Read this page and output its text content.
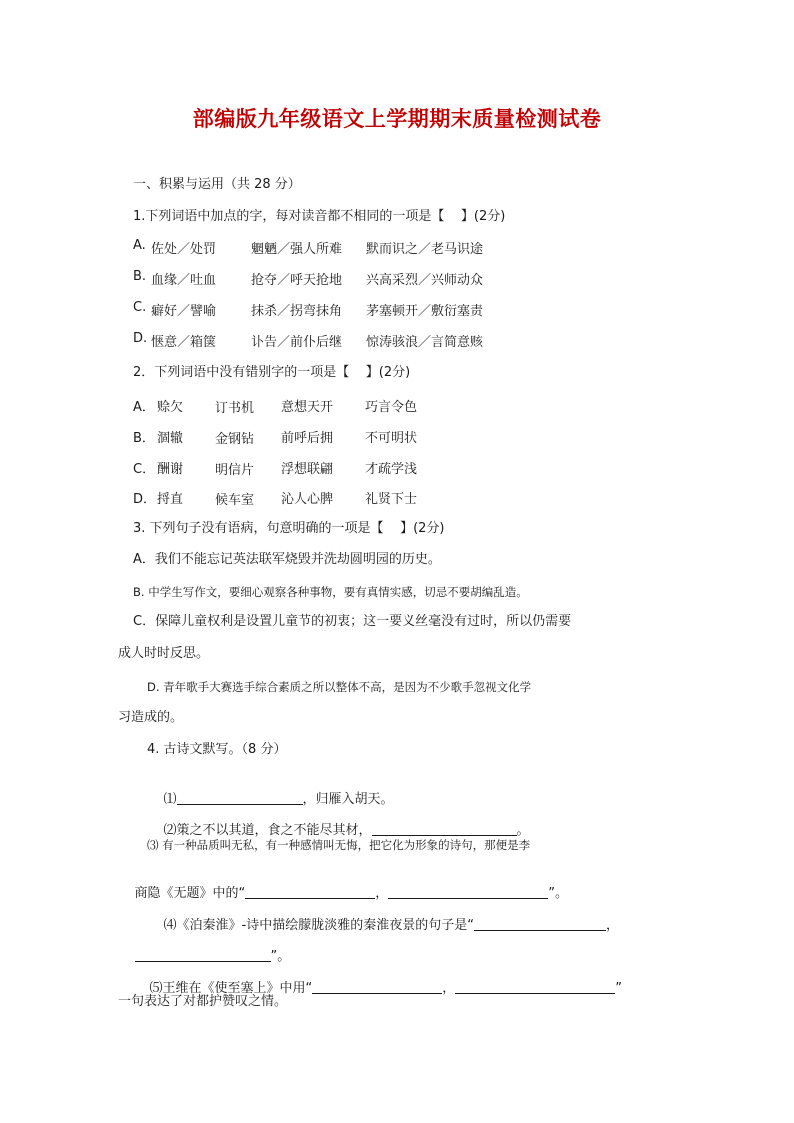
部编版九年级语文上学期期末质量检测试卷
一、积累与运用（共 28 分）
1.下列词语中加点的字，每对读音都不相同的一项是【    】(2分)
A. 佐处／处罚	魍魉／强人所难 默而识之／老马识途
B. 血缘／吐血	抢夺／呼天抢地 兴高采烈／兴师动众
C. 癖好／譬喻	抹杀／拐弯抹角 茅塞顿开／敷衍塞责
D. 惬意／箱箧	讣告／前仆后继 惊涛骇浪／言简意赅
2．下列词语中没有错别字的一项是【    】(2分)
A． 赊欠 订书机 意想天开 巧言令色
B． 涸辙 金钢钻 前呼后拥 不可明状
C． 酬谢 明信片 浮想联翩 才疏学浅
D． 捋直 候车室 沁人心脾 礼贤下士
3. 下列句子没有语病，句意明确的一项是【    】(2分)
A．我们不能忘记英法联军烧毁并洗劫圆明园的历史。
B. 中学生写作文，要细心观察各种事物，要有真情实感，切忌不要胡编乱造。
C．保障儿童权利是设置儿童节的初衷；这一要义丝毫没有过时，所以仍需要
成人时时反思。
D. 青年歌手大赛选手综合素质之所以整体不高，是因为不少歌手忽视文化学
习造成的。
4. 古诗文默写。（8 分）

⑴	，归雁入胡天。

⑵策之不以其道，食之不能尽其材，	。

⑶ 有一种品质叫无私，有一种感情叫无悔，把它化为形象的诗句，那便是李

商隐《无题》中的“	，	”。

⑷《泊秦淮》-诗中描绘朦胧淡雅的秦淮夜景的句子是“	，

”。

⑸王维在《使至塞上》中用“	，	”

一句表达了对都护赞叹之情。
